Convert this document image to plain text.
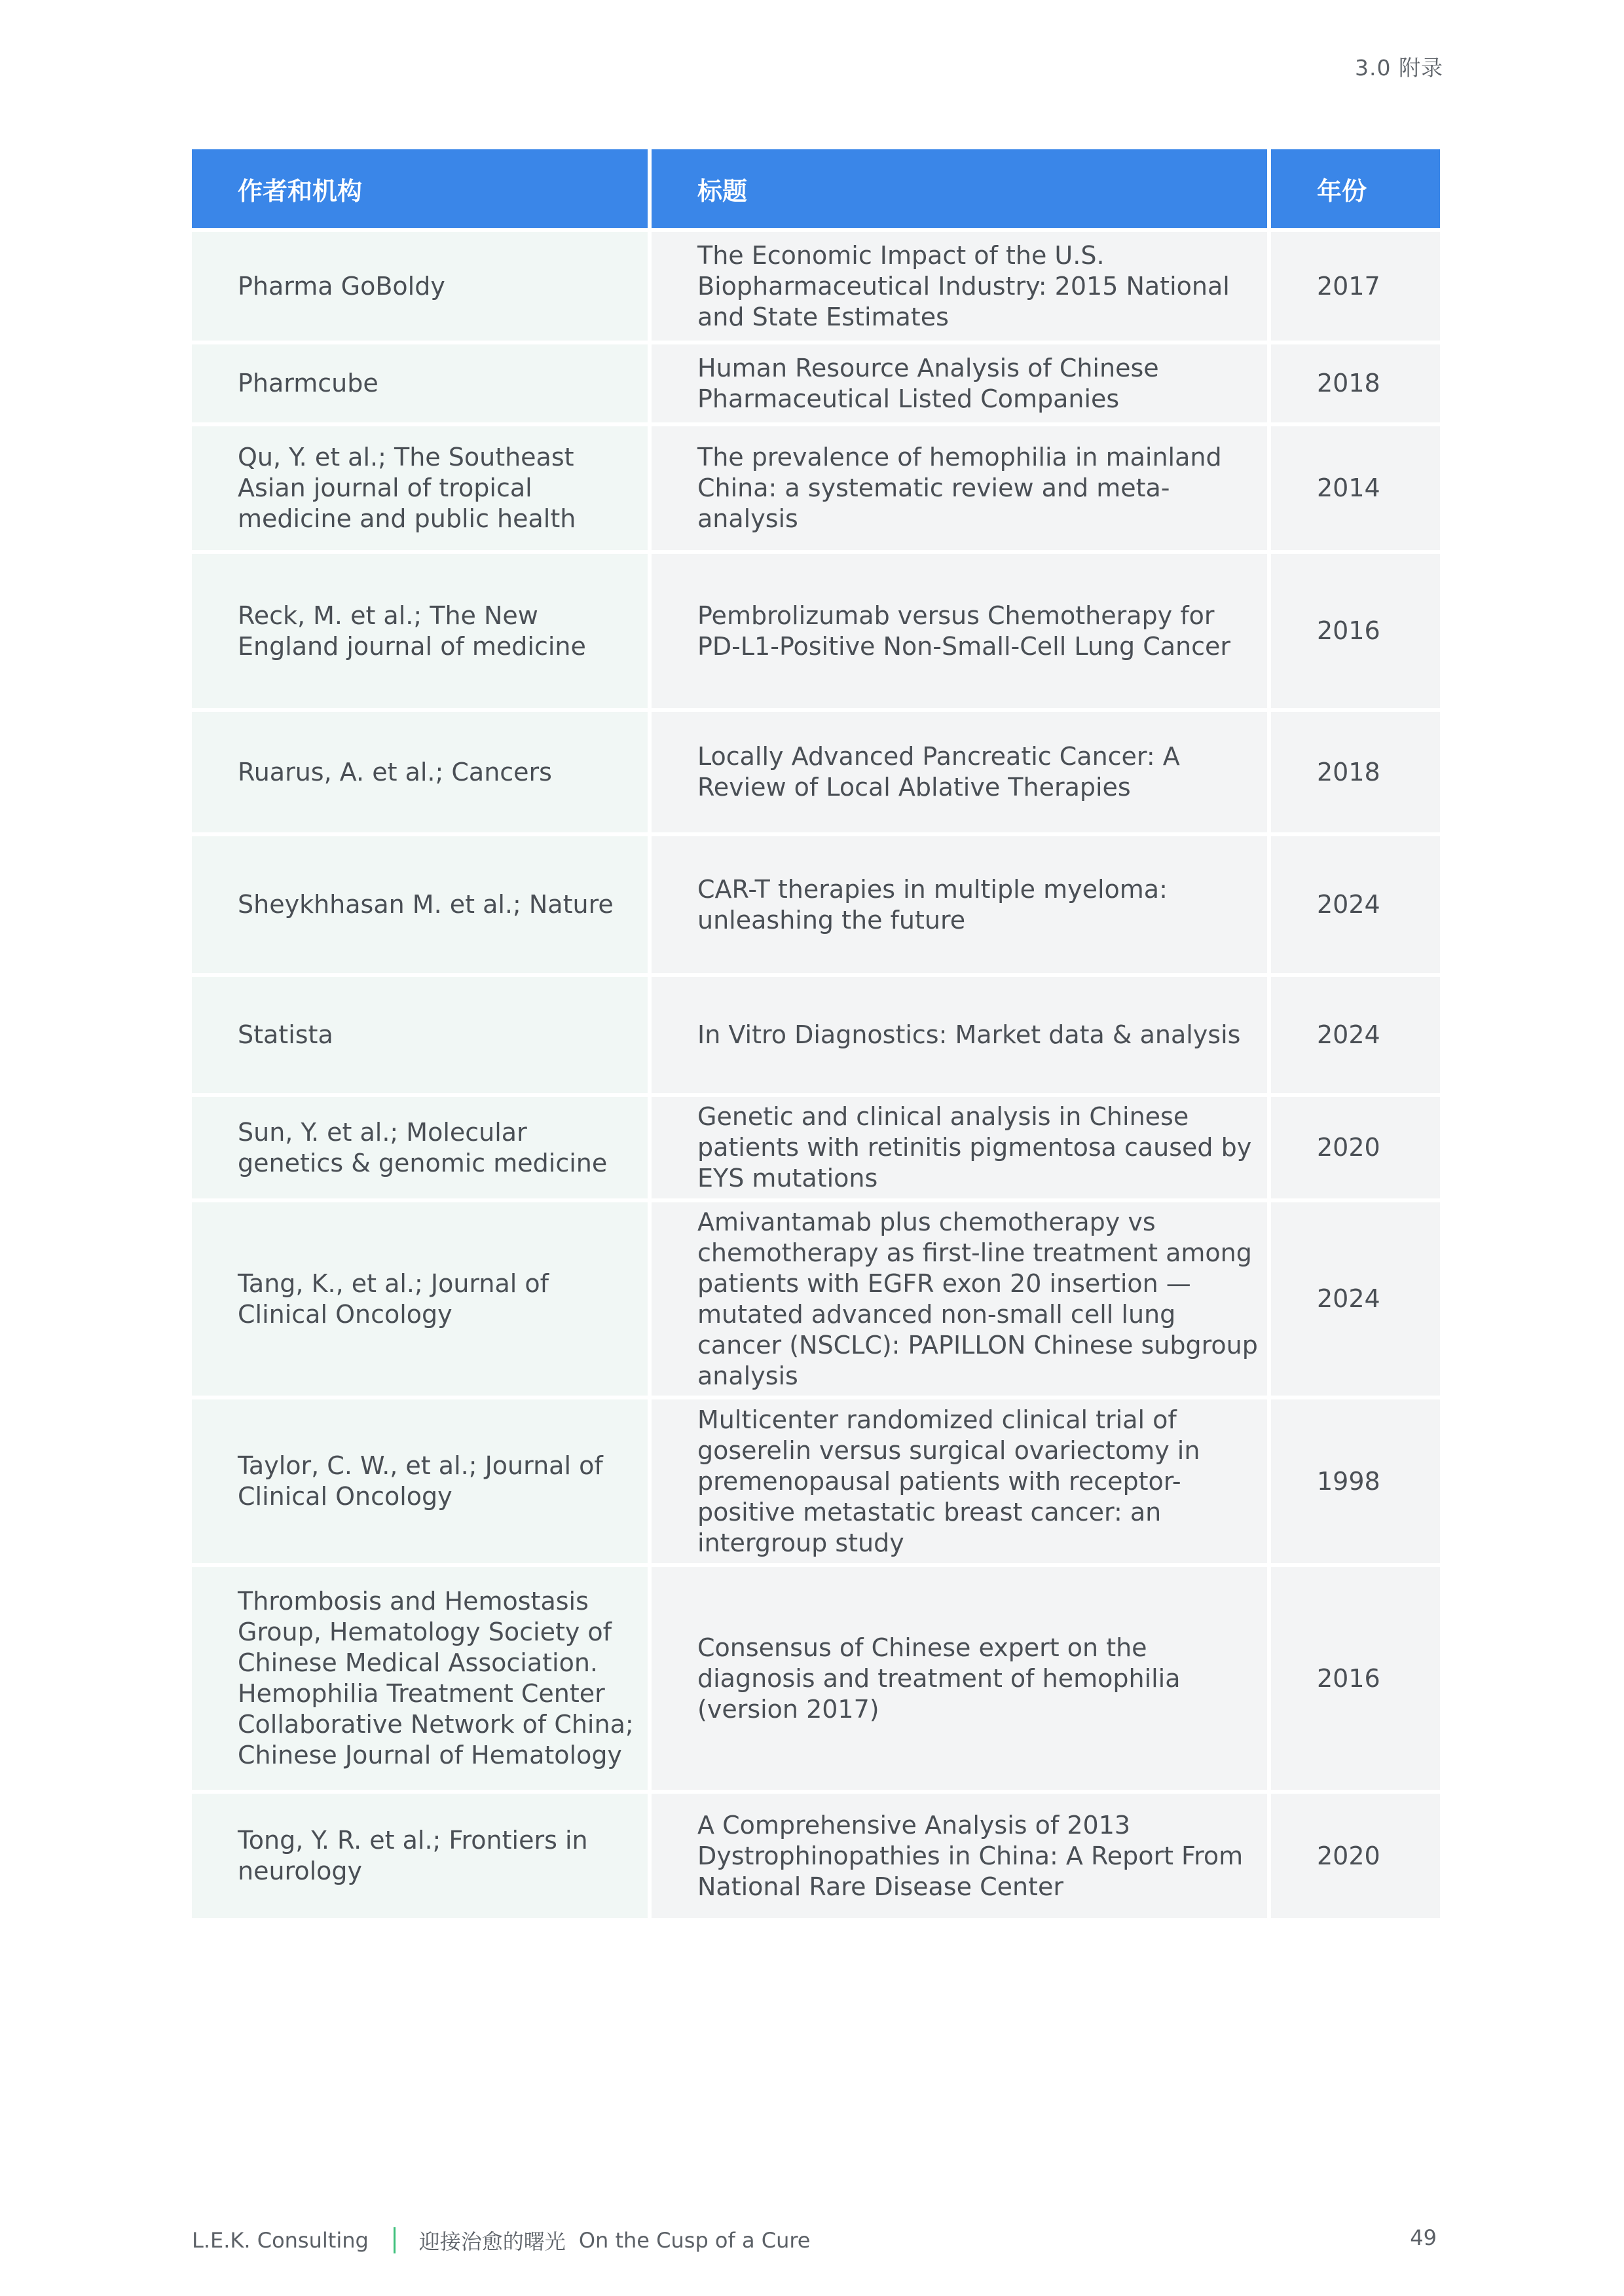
3.0 附录
作者和机构	标题	年份
Pharma GoBoldy	The Economic Impact of the U.S. Biopharmaceutical Industry: 2015 National and State Estimates	2017
Pharmcube	Human Resource Analysis of Chinese Pharmaceutical Listed Companies	2018
Qu, Y. et al.; The Southeast Asian journal of tropical medicine and public health	The prevalence of hemophilia in mainland China: a systematic review and meta-analysis	2014
Reck, M. et al.; The New England journal of medicine	Pembrolizumab versus Chemotherapy for PD-L1-Positive Non-Small-Cell Lung Cancer	2016
Ruarus, A. et al.; Cancers	Locally Advanced Pancreatic Cancer: A Review of Local Ablative Therapies	2018
Sheykhhasan M. et al.; Nature	CAR-T therapies in multiple myeloma: unleashing the future	2024
Statista	In Vitro Diagnostics: Market data & analysis	2024
Sun, Y. et al.; Molecular genetics & genomic medicine	Genetic and clinical analysis in Chinese patients with retinitis pigmentosa caused by EYS mutations	2020
Tang, K., et al.; Journal of Clinical Oncology	Amivantamab plus chemotherapy vs chemotherapy as first-line treatment among patients with EGFR exon 20 insertion —mutated advanced non-small cell lung cancer (NSCLC): PAPILLON Chinese subgroup analysis	2024
Taylor, C. W., et al.; Journal of Clinical Oncology	Multicenter randomized clinical trial of goserelin versus surgical ovariectomy in premenopausal patients with receptor-positive metastatic breast cancer: an intergroup study	1998
Thrombosis and Hemostasis Group, Hematology Society of Chinese Medical Association. Hemophilia Treatment Center Collaborative Network of China; Chinese Journal of Hematology	Consensus of Chinese expert on the diagnosis and treatment of hemophilia (version 2017)	2016
Tong, Y. R. et al.; Frontiers in neurology	A Comprehensive Analysis of 2013 Dystrophinopathies in China: A Report From National Rare Disease Center	2020
L.E.K. Consulting 迎接治愈的曙光 On the Cusp of a Cure	49
